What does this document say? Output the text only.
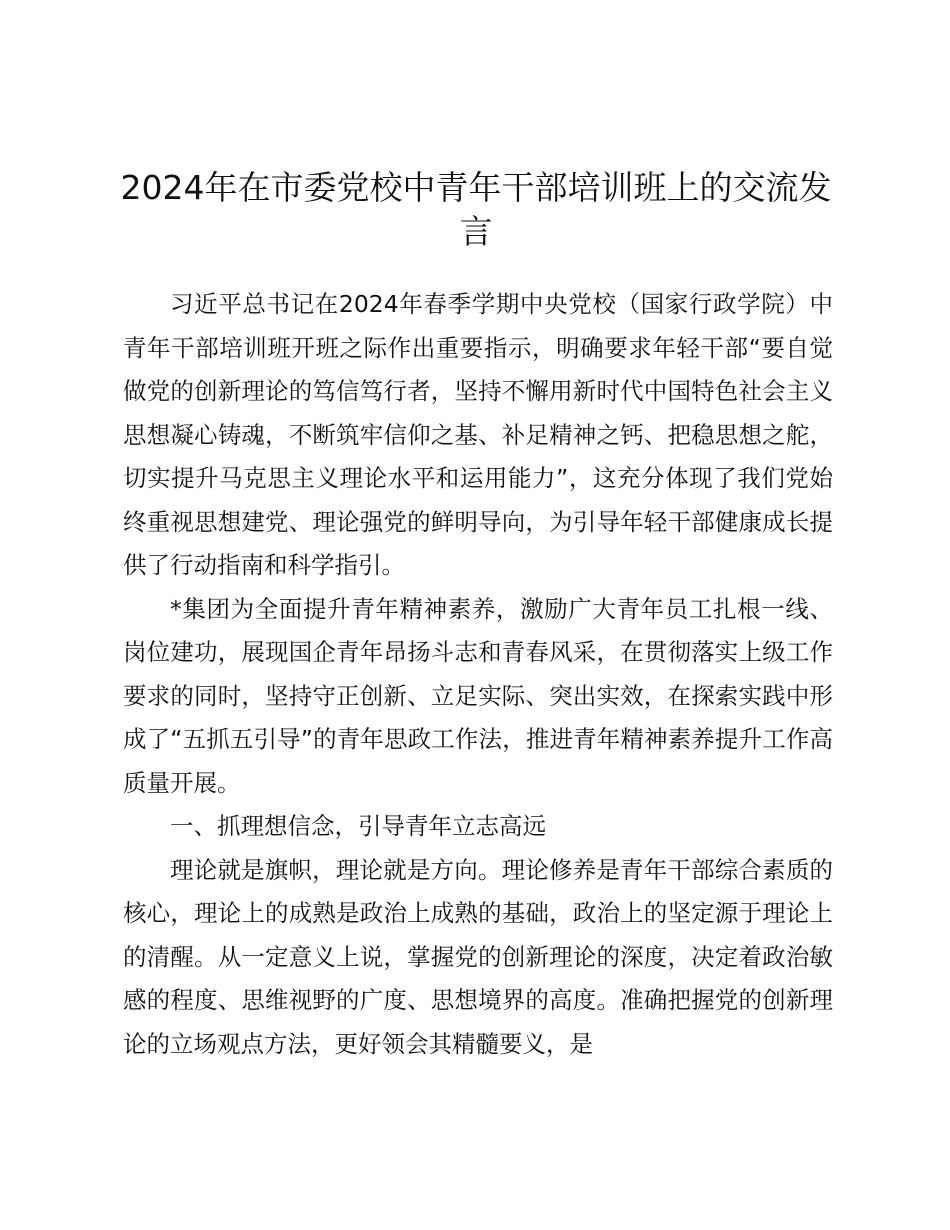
2024年在市委党校中青年干部培训班上的交流发言

习近平总书记在2024年春季学期中央党校（国家行政学院）中青年干部培训班开班之际作出重要指示，明确要求年轻干部“要自觉做党的创新理论的笃信笃行者，坚持不懈用新时代中国特色社会主义思想凝心铸魂，不断筑牢信仰之基、补足精神之钙、把稳思想之舵，切实提升马克思主义理论水平和运用能力”，这充分体现了我们党始终重视思想建党、理论强党的鲜明导向，为引导年轻干部健康成长提供了行动指南和科学指引。

*集团为全面提升青年精神素养，激励广大青年员工扎根一线、岗位建功，展现国企青年昂扬斗志和青春风采，在贯彻落实上级工作要求的同时，坚持守正创新、立足实际、突出实效，在探索实践中形成了“五抓五引导”的青年思政工作法，推进青年精神素养提升工作高质量开展。

一、抓理想信念，引导青年立志高远

理论就是旗帜，理论就是方向。理论修养是青年干部综合素质的核心，理论上的成熟是政治上成熟的基础，政治上的坚定源于理论上的清醒。从一定意义上说，掌握党的创新理论的深度，决定着政治敏感的程度、思维视野的广度、思想境界的高度。准确把握党的创新理论的立场观点方法，更好领会其精髓要义，是
